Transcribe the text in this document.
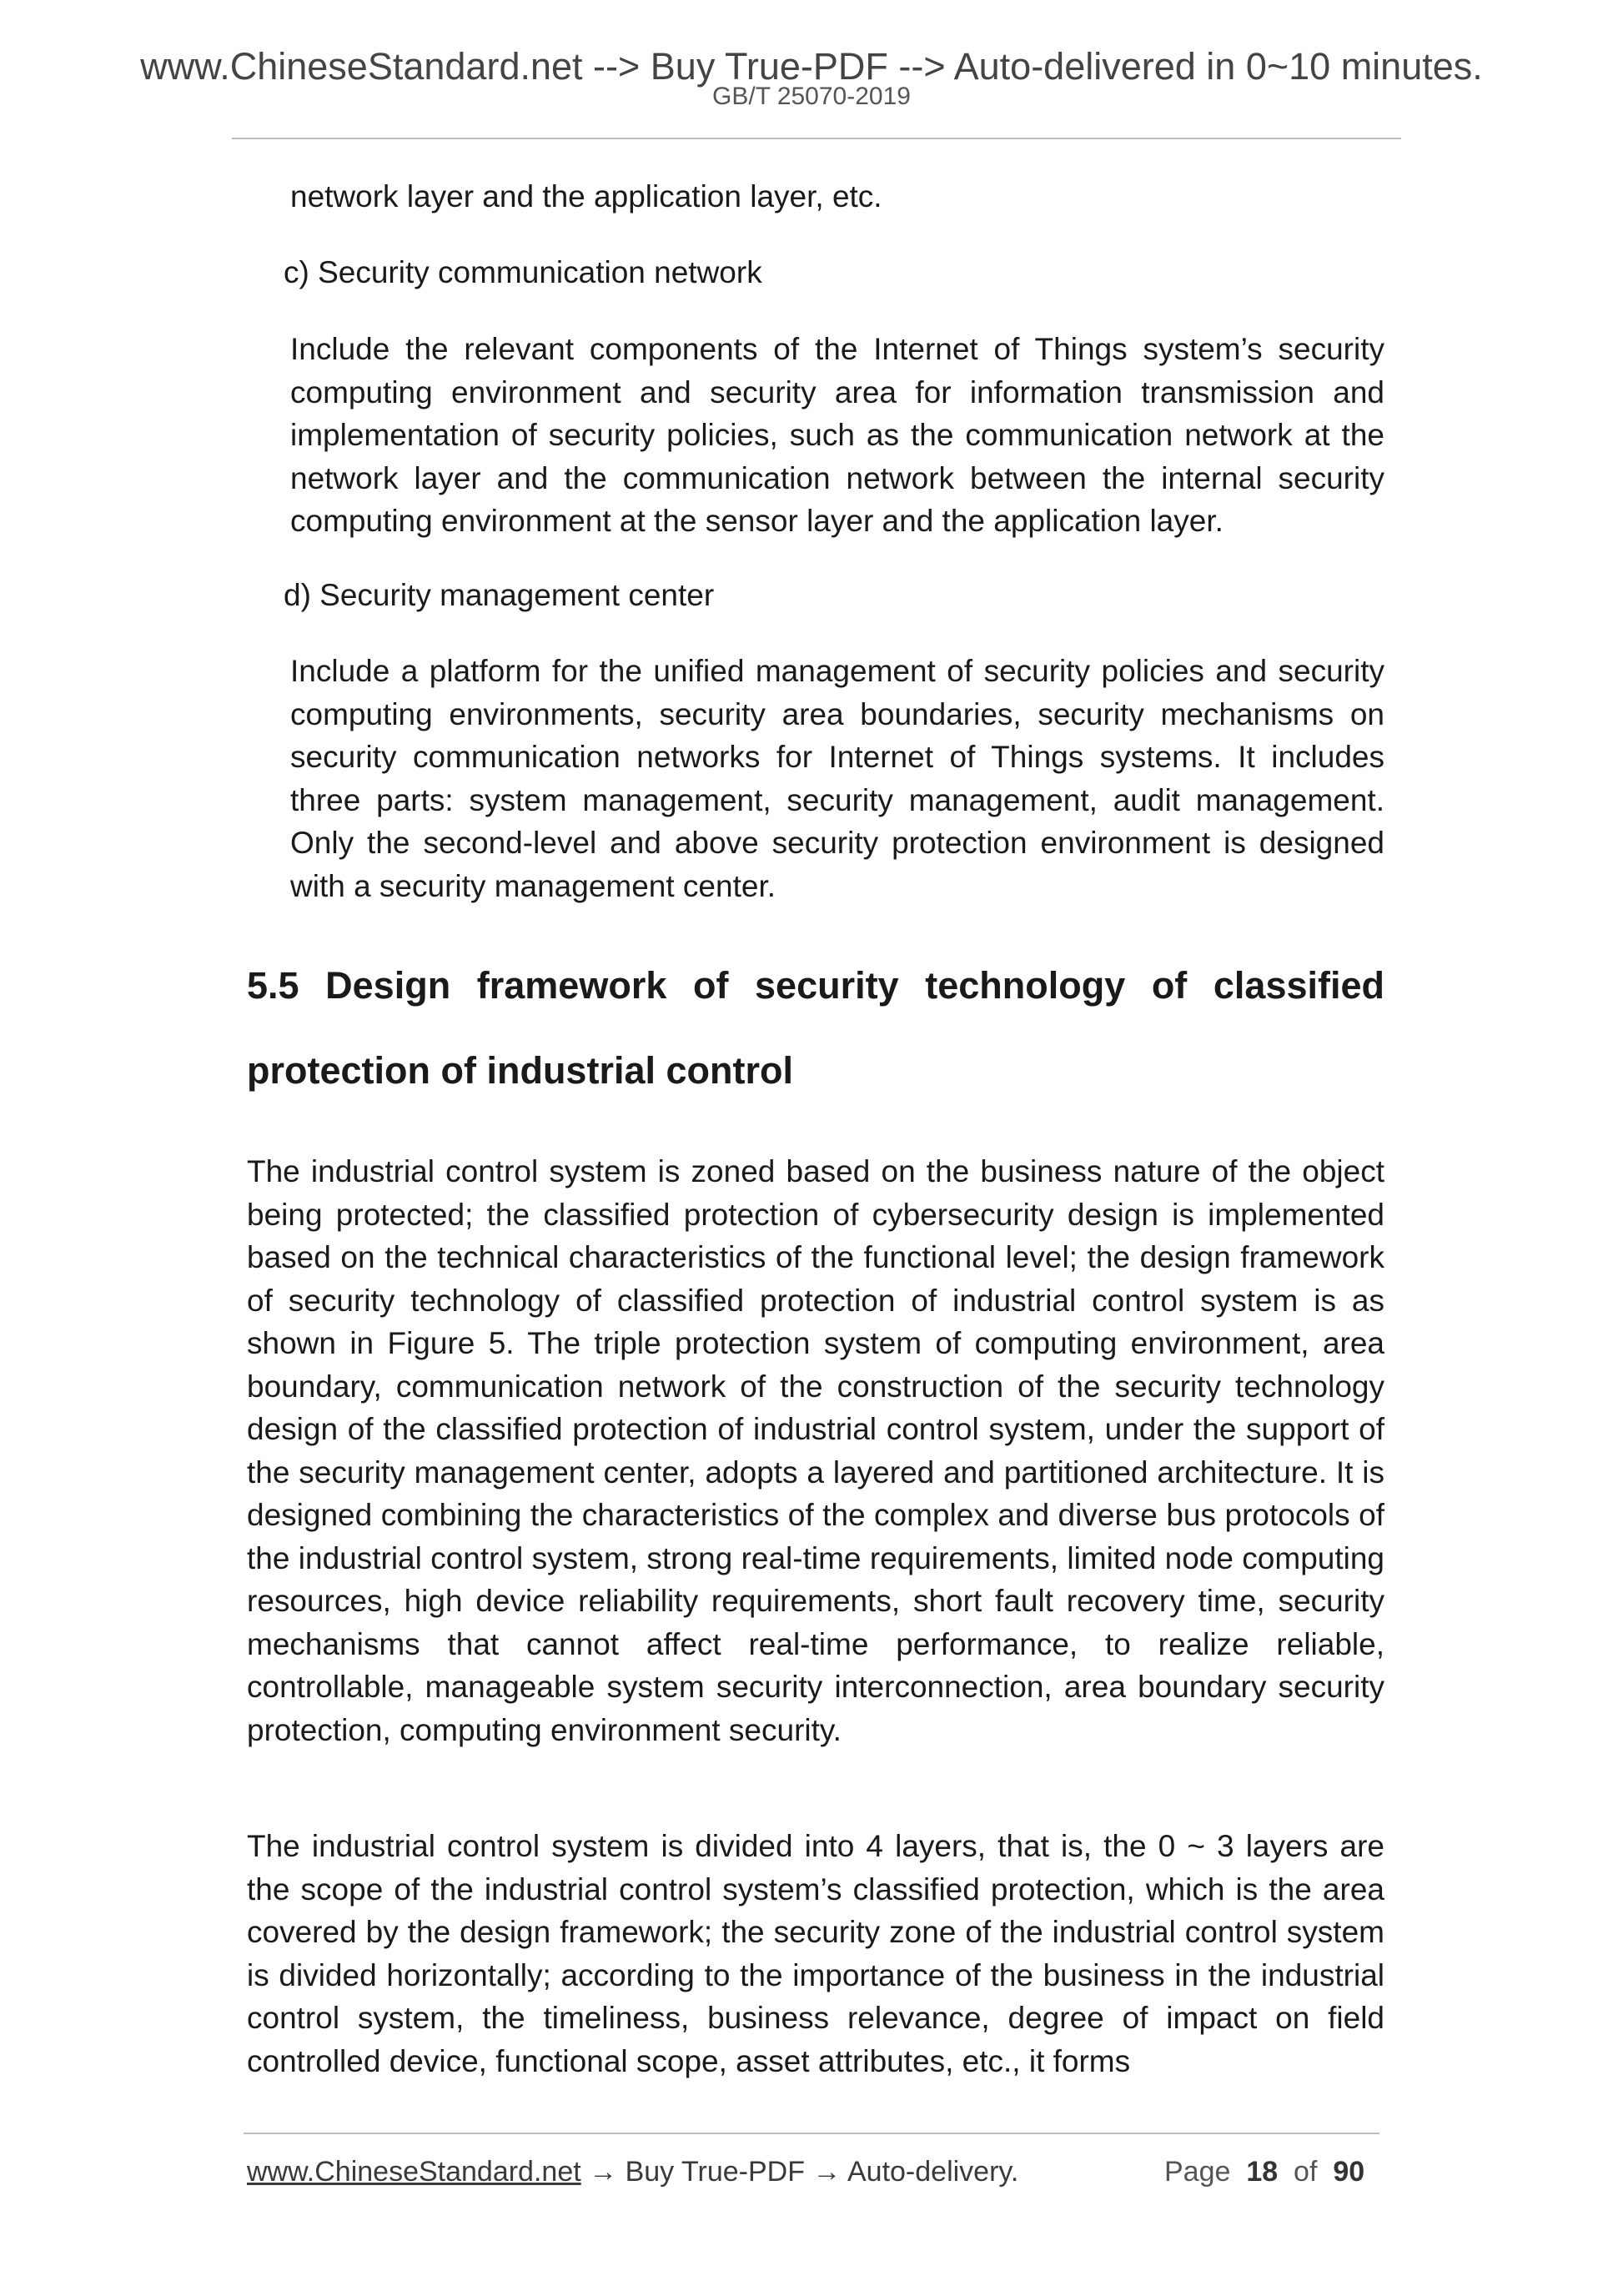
www.ChineseStandard.net --> Buy True-PDF --> Auto-delivered in 0~10 minutes.
GB/T 25070-2019

network layer and the application layer, etc.

c) Security communication network

Include the relevant components of the Internet of Things system’s security computing environment and security area for information transmission and implementation of security policies, such as the communication network at the network layer and the communication network between the internal security computing environment at the sensor layer and the application layer.

d) Security management center

Include a platform for the unified management of security policies and security computing environments, security area boundaries, security mechanisms on security communication networks for Internet of Things systems. It includes three parts: system management, security management, audit management. Only the second-level and above security protection environment is designed with a security management center.

5.5 Design framework of security technology of classified protection of industrial control

The industrial control system is zoned based on the business nature of the object being protected; the classified protection of cybersecurity design is implemented based on the technical characteristics of the functional level; the design framework of security technology of classified protection of industrial control system is as shown in Figure 5. The triple protection system of computing environment, area boundary, communication network of the construction of the security technology design of the classified protection of industrial control system, under the support of the security management center, adopts a layered and partitioned architecture. It is designed combining the characteristics of the complex and diverse bus protocols of the industrial control system, strong real-time requirements, limited node computing resources, high device reliability requirements, short fault recovery time, security mechanisms that cannot affect real-time performance, to realize reliable, controllable, manageable system security interconnection, area boundary security protection, computing environment security.

The industrial control system is divided into 4 layers, that is, the 0 ~ 3 layers are the scope of the industrial control system’s classified protection, which is the area covered by the design framework; the security zone of the industrial control system is divided horizontally; according to the importance of the business in the industrial control system, the timeliness, business relevance, degree of impact on field controlled device, functional scope, asset attributes, etc., it forms

www.ChineseStandard.net → Buy True-PDF → Auto-delivery.	Page 18 of 90
